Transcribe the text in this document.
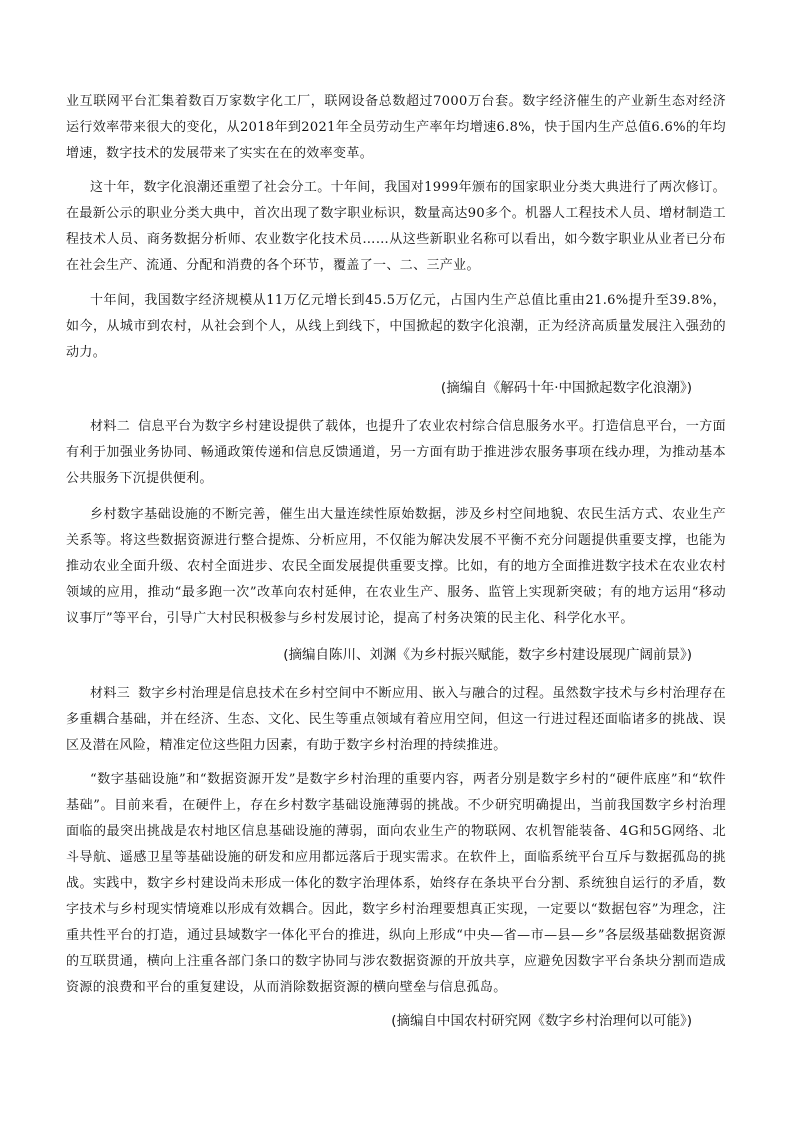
业互联网平台汇集着数百万家数字化工厂，联网设备总数超过7000万台套。数字经济催生的产业新生态对经济运行效率带来很大的变化，从2018年到2021年全员劳动生产率年均增速6.8%，快于国内生产总值6.6%的年均增速，数字技术的发展带来了实实在在的效率变革。

这十年，数字化浪潮还重塑了社会分工。十年间，我国对1999年颁布的国家职业分类大典进行了两次修订。在最新公示的职业分类大典中，首次出现了数字职业标识，数量高达90多个。机器人工程技术人员、增材制造工程技术人员、商务数据分析师、农业数字化技术员……从这些新职业名称可以看出，如今数字职业从业者已分布在社会生产、流通、分配和消费的各个环节，覆盖了一、二、三产业。

十年间，我国数字经济规模从11万亿元增长到45.5万亿元，占国内生产总值比重由21.6%提升至39.8%，如今，从城市到农村，从社会到个人，从线上到线下，中国掀起的数字化浪潮，正为经济高质量发展注入强劲的动力。

(摘编自《解码十年·中国掀起数字化浪潮》)

材料二 信息平台为数字乡村建设提供了载体，也提升了农业农村综合信息服务水平。打造信息平台，一方面有利于加强业务协同、畅通政策传递和信息反馈通道，另一方面有助于推进涉农服务事项在线办理，为推动基本公共服务下沉提供便利。

乡村数字基础设施的不断完善，催生出大量连续性原始数据，涉及乡村空间地貌、农民生活方式、农业生产关系等。将这些数据资源进行整合提炼、分析应用，不仅能为解决发展不平衡不充分问题提供重要支撑，也能为推动农业全面升级、农村全面进步、农民全面发展提供重要支撑。比如，有的地方全面推进数字技术在农业农村领域的应用，推动“最多跑一次”改革向农村延伸，在农业生产、服务、监管上实现新突破；有的地方运用“移动议事厅”等平台，引导广大村民积极参与乡村发展讨论，提高了村务决策的民主化、科学化水平。

(摘编自陈川、刘渊《为乡村振兴赋能，数字乡村建设展现广阔前景》)

材料三 数字乡村治理是信息技术在乡村空间中不断应用、嵌入与融合的过程。虽然数字技术与乡村治理存在多重耦合基础，并在经济、生态、文化、民生等重点领域有着应用空间，但这一行进过程还面临诸多的挑战、误区及潜在风险，精准定位这些阻力因素，有助于数字乡村治理的持续推进。

“数字基础设施”和“数据资源开发”是数字乡村治理的重要内容，两者分别是数字乡村的“硬件底座”和“软件基础”。目前来看，在硬件上，存在乡村数字基础设施薄弱的挑战。不少研究明确提出，当前我国数字乡村治理面临的最突出挑战是农村地区信息基础设施的薄弱，面向农业生产的物联网、农机智能装备、4G和5G网络、北斗导航、遥感卫星等基础设施的研发和应用都远落后于现实需求。在软件上，面临系统平台互斥与数据孤岛的挑战。实践中，数字乡村建设尚未形成一体化的数字治理体系，始终存在条块平台分割、系统独自运行的矛盾，数字技术与乡村现实情境难以形成有效耦合。因此，数字乡村治理要想真正实现，一定要以“数据包容”为理念，注重共性平台的打造，通过县域数字一体化平台的推进，纵向上形成“中央—省—市—县—乡”各层级基础数据资源的互联贯通，横向上注重各部门条口的数字协同与涉农数据资源的开放共享，应避免因数字平台条块分割而造成资源的浪费和平台的重复建设，从而消除数据资源的横向壁垒与信息孤岛。

(摘编自中国农村研究网《数字乡村治理何以可能》)
